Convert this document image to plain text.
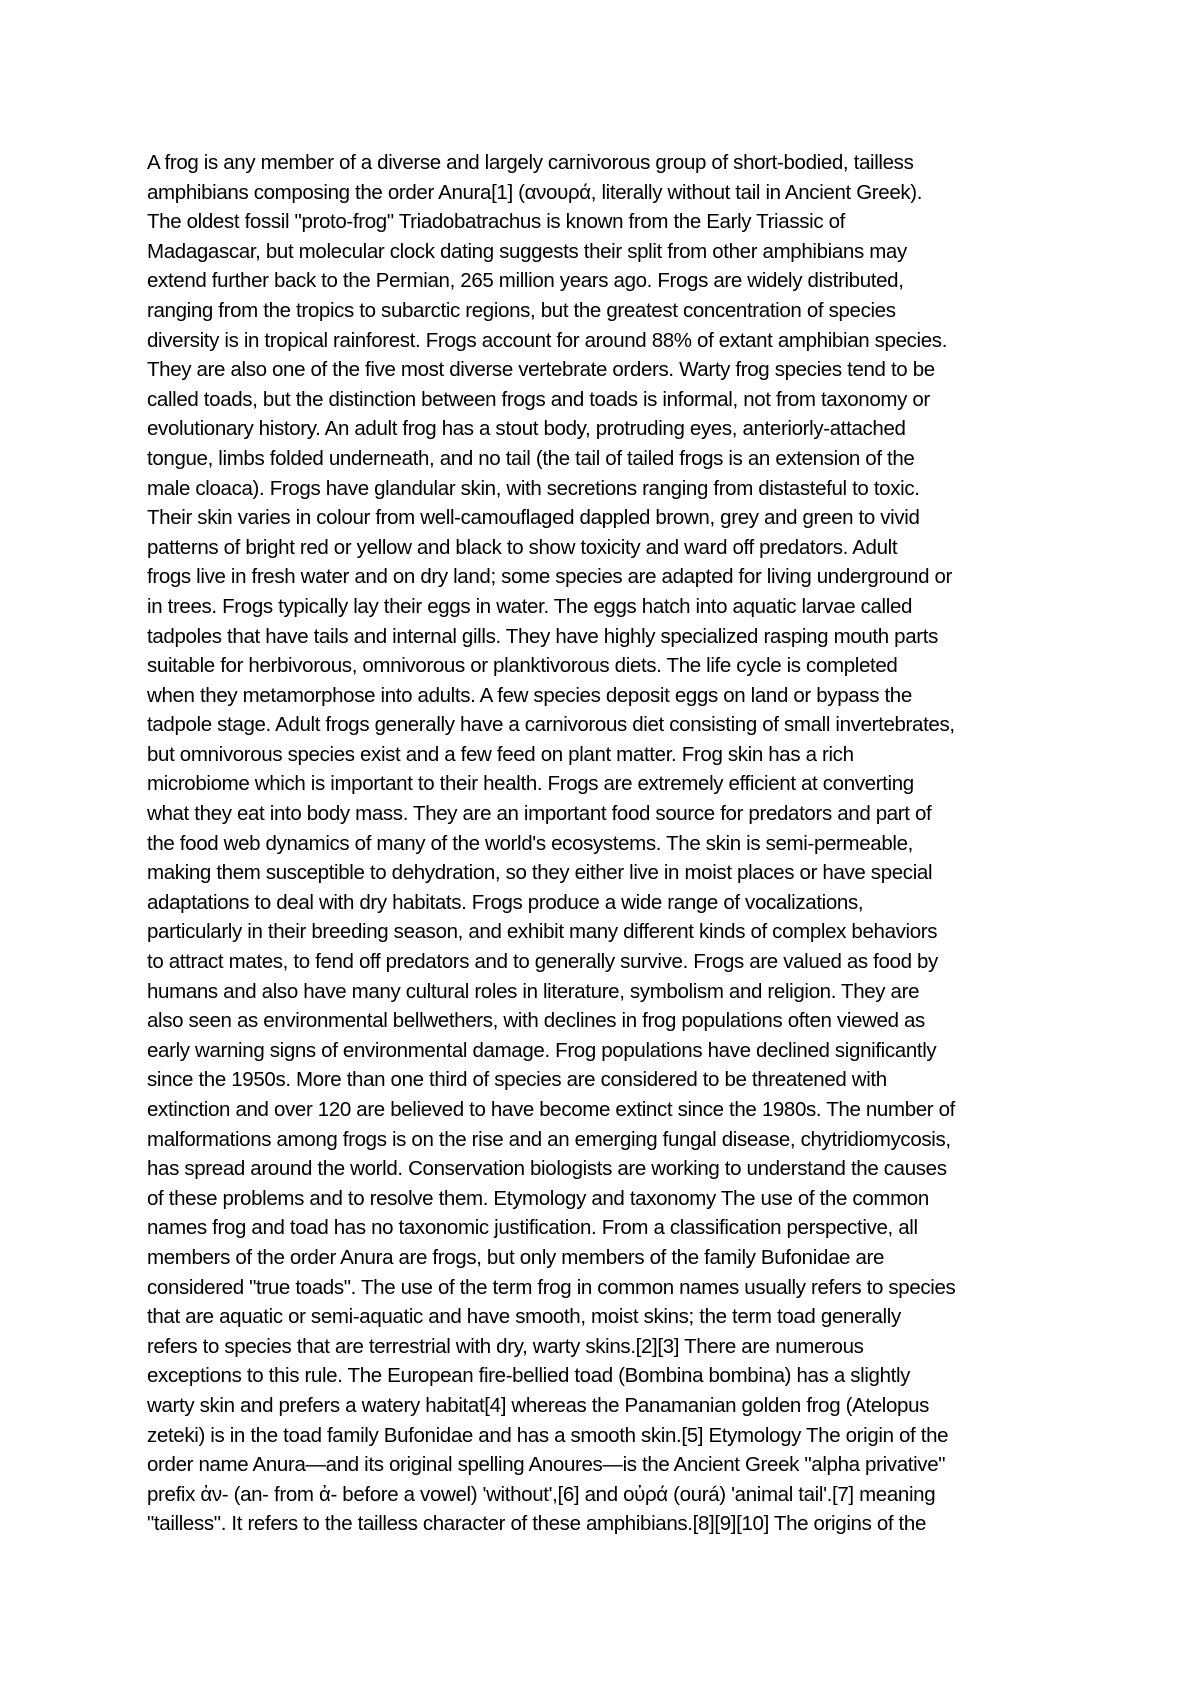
A frog is any member of a diverse and largely carnivorous group of short-bodied, tailless
amphibians composing the order Anura[1] (ανουρά, literally without tail in Ancient Greek).
The oldest fossil "proto-frog" Triadobatrachus is known from the Early Triassic of
Madagascar, but molecular clock dating suggests their split from other amphibians may
extend further back to the Permian, 265 million years ago. Frogs are widely distributed,
ranging from the tropics to subarctic regions, but the greatest concentration of species
diversity is in tropical rainforest. Frogs account for around 88% of extant amphibian species.
They are also one of the five most diverse vertebrate orders. Warty frog species tend to be
called toads, but the distinction between frogs and toads is informal, not from taxonomy or
evolutionary history. An adult frog has a stout body, protruding eyes, anteriorly-attached
tongue, limbs folded underneath, and no tail (the tail of tailed frogs is an extension of the
male cloaca). Frogs have glandular skin, with secretions ranging from distasteful to toxic.
Their skin varies in colour from well-camouflaged dappled brown, grey and green to vivid
patterns of bright red or yellow and black to show toxicity and ward off predators. Adult
frogs live in fresh water and on dry land; some species are adapted for living underground or
in trees. Frogs typically lay their eggs in water. The eggs hatch into aquatic larvae called
tadpoles that have tails and internal gills. They have highly specialized rasping mouth parts
suitable for herbivorous, omnivorous or planktivorous diets. The life cycle is completed
when they metamorphose into adults. A few species deposit eggs on land or bypass the
tadpole stage. Adult frogs generally have a carnivorous diet consisting of small invertebrates,
but omnivorous species exist and a few feed on plant matter. Frog skin has a rich
microbiome which is important to their health. Frogs are extremely efficient at converting
what they eat into body mass. They are an important food source for predators and part of
the food web dynamics of many of the world's ecosystems. The skin is semi-permeable,
making them susceptible to dehydration, so they either live in moist places or have special
adaptations to deal with dry habitats. Frogs produce a wide range of vocalizations,
particularly in their breeding season, and exhibit many different kinds of complex behaviors
to attract mates, to fend off predators and to generally survive. Frogs are valued as food by
humans and also have many cultural roles in literature, symbolism and religion. They are
also seen as environmental bellwethers, with declines in frog populations often viewed as
early warning signs of environmental damage. Frog populations have declined significantly
since the 1950s. More than one third of species are considered to be threatened with
extinction and over 120 are believed to have become extinct since the 1980s. The number of
malformations among frogs is on the rise and an emerging fungal disease, chytridiomycosis,
has spread around the world. Conservation biologists are working to understand the causes
of these problems and to resolve them. Etymology and taxonomy The use of the common
names frog and toad has no taxonomic justification. From a classification perspective, all
members of the order Anura are frogs, but only members of the family Bufonidae are
considered "true toads". The use of the term frog in common names usually refers to species
that are aquatic or semi-aquatic and have smooth, moist skins; the term toad generally
refers to species that are terrestrial with dry, warty skins.[2][3] There are numerous
exceptions to this rule. The European fire-bellied toad (Bombina bombina) has a slightly
warty skin and prefers a watery habitat[4] whereas the Panamanian golden frog (Atelopus
zeteki) is in the toad family Bufonidae and has a smooth skin.[5] Etymology The origin of the
order name Anura—and its original spelling Anoures—is the Ancient Greek "alpha privative"
prefix ἀν- (an- from ἀ- before a vowel) 'without',[6] and οὐρά (ourá) 'animal tail'.[7] meaning
"tailless". It refers to the tailless character of these amphibians.[8][9][10] The origins of the
